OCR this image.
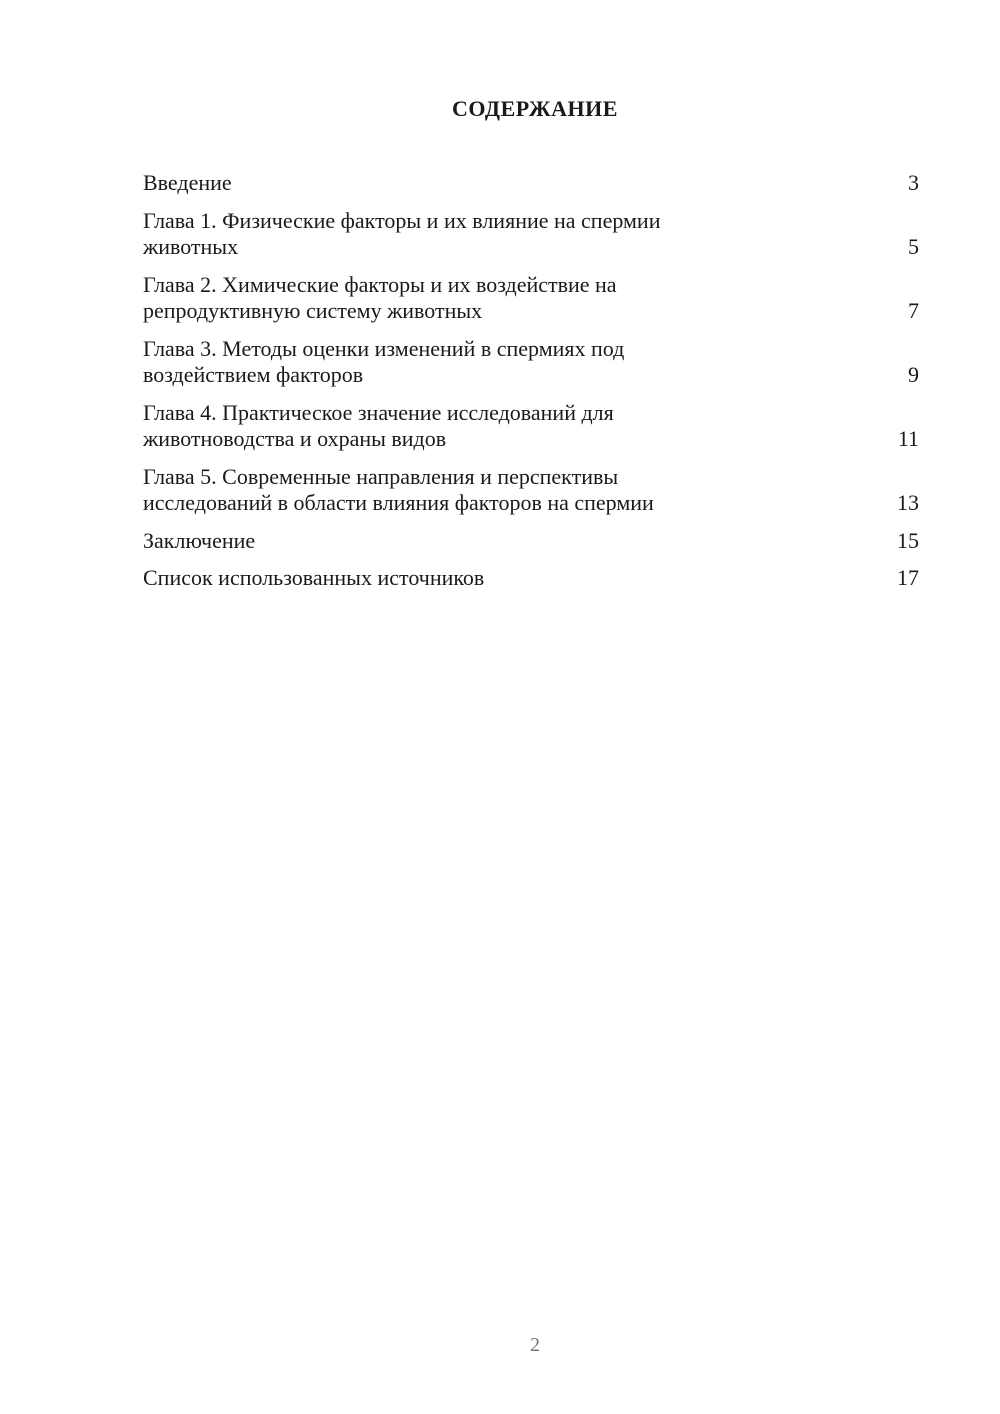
СОДЕРЖАНИЕ
Введение	3
Глава 1. Физические факторы и их влияние на спермии
животных	5
Глава 2. Химические факторы и их воздействие на
репродуктивную систему животных	7
Глава 3. Методы оценки изменений в спермиях под
воздействием факторов	9
Глава 4. Практическое значение исследований для
животноводства и охраны видов	11
Глава 5. Современные направления и перспективы
исследований в области влияния факторов на спермии	13
Заключение	15
Список использованных источников	17
2
